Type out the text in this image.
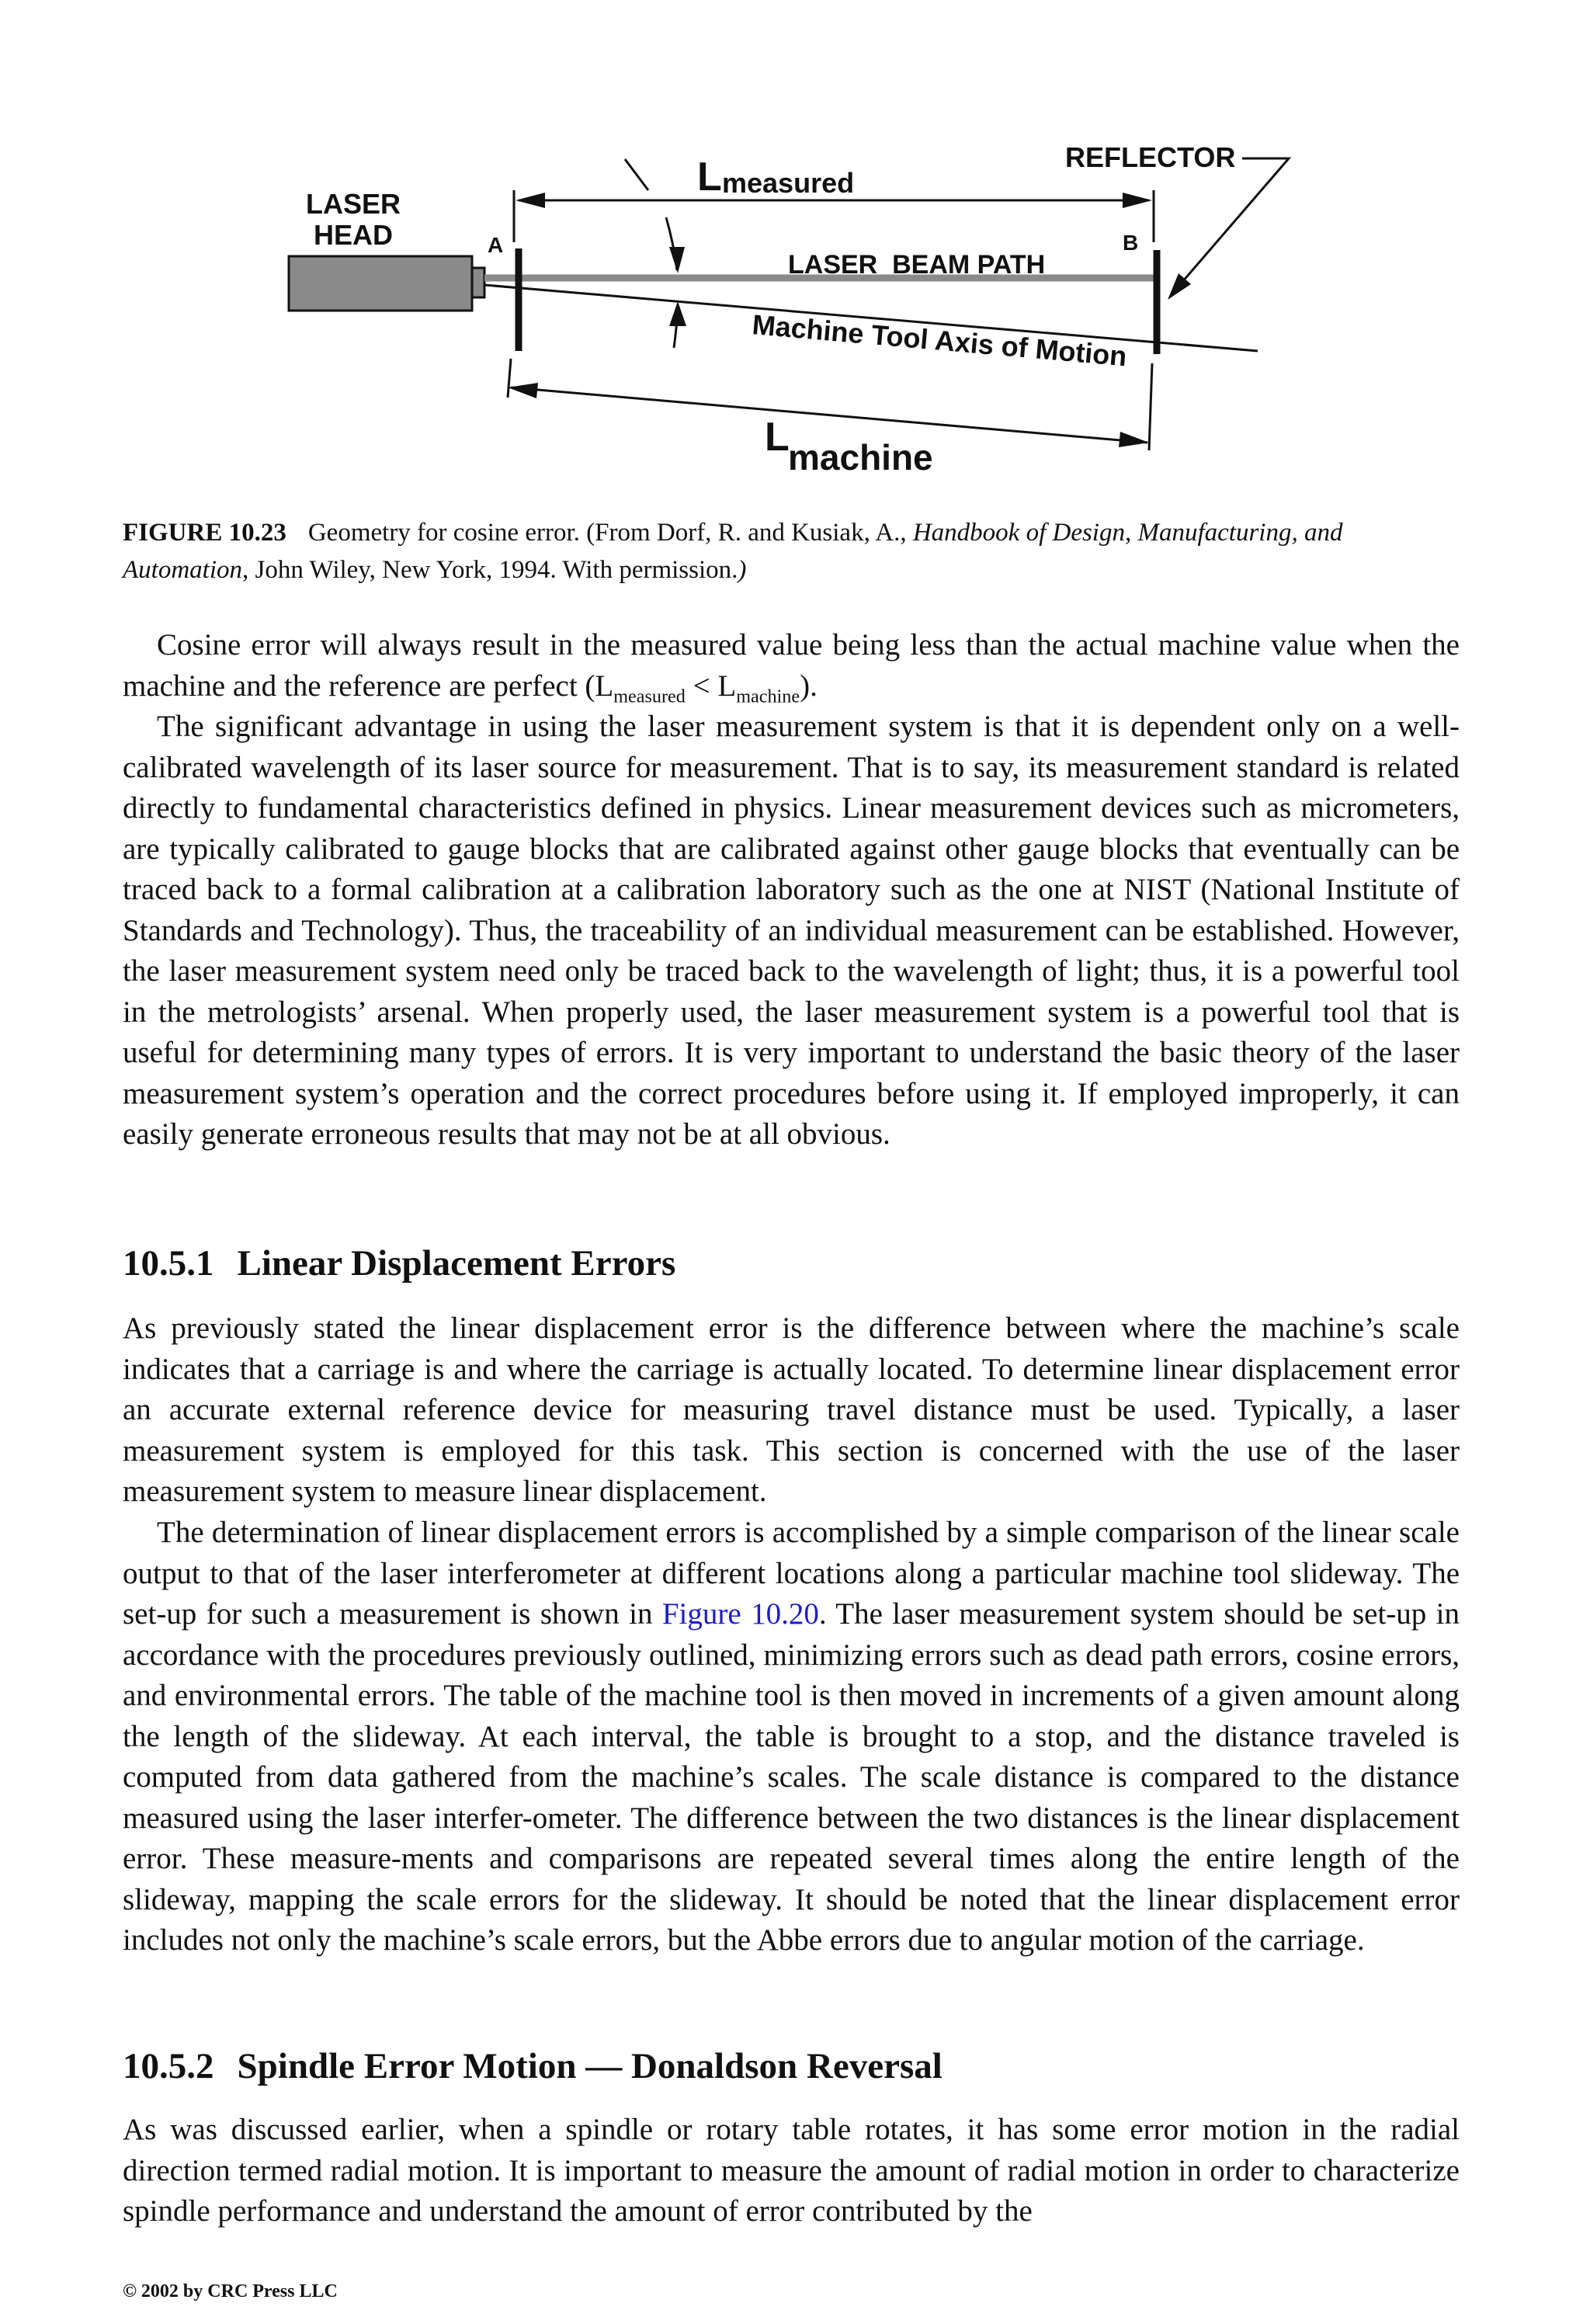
LASER
HEAD	A	B
L measured
LASER  BEAM PATH
Machine Tool Axis of Motion
REFLECTOR
L
machine
FIGURE 10.23 Geometry for cosine error. (From Dorf, R. and Kusiak, A., Handbook of Design, Manufacturing, and Automation, John Wiley, New York, 1994. With permission.)

Cosine error will always result in the measured value being less than the actual machine value when the machine and the reference are perfect $(L_{measured} < L_{machine})$.

The significant advantage in using the laser measurement system is that it is dependent only on a well-calibrated wavelength of its laser source for measurement. That is to say, its measurement standard is related directly to fundamental characteristics defined in physics. Linear measurement devices such as micrometers, are typically calibrated to gauge blocks that are calibrated against other gauge blocks that eventually can be traced back to a formal calibration at a calibration laboratory such as the one at NIST (National Institute of Standards and Technology). Thus, the traceability of an individual measurement can be established. However, the laser measurement system need only be traced back to the wavelength of light; thus, it is a powerful tool in the metrologists’ arsenal. When properly used, the laser measurement system is a powerful tool that is useful for determining many types of errors. It is very important to understand the basic theory of the laser measurement system’s operation and the correct procedures before using it. If employed improperly, it can easily generate erroneous results that may not be at all obvious.

10.5.1 Linear Displacement Errors

As previously stated the linear displacement error is the difference between where the machine’s scale indicates that a carriage is and where the carriage is actually located. To determine linear displacement error an accurate external reference device for measuring travel distance must be used. Typically, a laser measurement system is employed for this task. This section is concerned with the use of the laser measurement system to measure linear displacement.

The determination of linear displacement errors is accomplished by a simple comparison of the linear scale output to that of the laser interferometer at different locations along a particular machine tool slideway. The set-up for such a measurement is shown in Figure 10.20. The laser measurement system should be set-up in accordance with the procedures previously outlined, minimizing errors such as dead path errors, cosine errors, and environmental errors. The table of the machine tool is then moved in increments of a given amount along the length of the slideway. At each interval, the table is brought to a stop, and the distance traveled is computed from data gathered from the machine’s scales. The scale distance is compared to the distance measured using the laser interfer-ometer. The difference between the two distances is the linear displacement error. These measure-ments and comparisons are repeated several times along the entire length of the slideway, mapping the scale errors for the slideway. It should be noted that the linear displacement error includes not only the machine’s scale errors, but the Abbe errors due to angular motion of the carriage.

10.5.2 Spindle Error Motion — Donaldson Reversal

As was discussed earlier, when a spindle or rotary table rotates, it has some error motion in the radial direction termed radial motion. It is important to measure the amount of radial motion in order to characterize spindle performance and understand the amount of error contributed by the

© 2002 by CRC Press LLC
